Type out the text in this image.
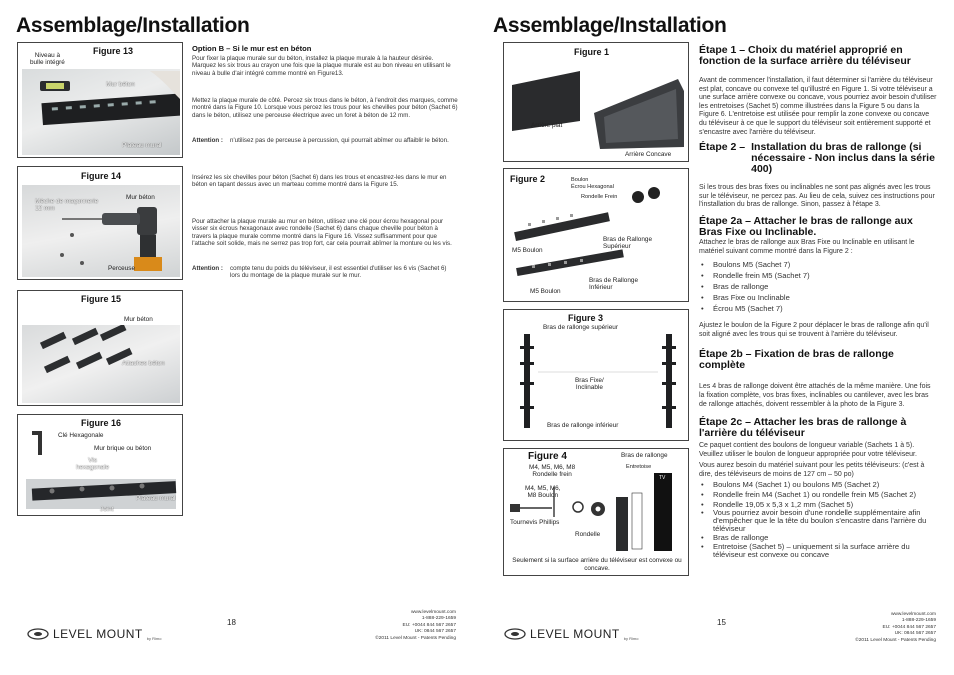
Assemblage/Installation
Figure 13
Niveau à
bulle intégré
Mur béton
Plateau mural
Figure 14
Mèche de maçonnerie
12 mm
Mur béton
Perceuse
Figure 15
Mur béton
Attaches béton
Figure 16
Clé Hexagonale
Mur brique ou béton
Vis
hexagonale
Plateau mural
Joint
Option B – Si le mur est en béton
Pour fixer la plaque murale sur du béton, installez la plaque murale à la hauteur désirée. Marquez les six trous au crayon une fois que la plaque murale est au bon niveau en utilisant le niveau à bulle d'air intégré comme montré en Figure13.
Mettez la plaque murale de côté. Percez six trous dans le béton, à l'endroit des marques, comme montré dans la Figure 10. Lorsque vous percez les trous pour les chevilles pour béton (Sachet 6) dans le béton, utilisez une perceuse électrique avec un foret à béton de 12 mm.
Attention : n'utilisez pas de perceuse à percussion, qui pourrait abîmer ou affaiblir le béton.
Insérez les six chevilles pour béton (Sachet 6) dans les trous et encastrez-les dans le mur en béton en tapant dessus avec un marteau comme montré dans la Figure 15.
Pour attacher la plaque murale au mur en béton, utilisez une clé pour écrou hexagonal pour visser six écrous hexagonaux avec rondelle (Sachet 6) dans chaque cheville pour béton à travers la plaque murale comme montré dans la Figure 16. Vissez suffisamment pour que l'attache soit solide, mais ne serrez pas trop fort, car cela pourrait abîmer la monture ou les vis.
Attention : compte tenu du poids du téléviseur, il est essentiel d'utiliser les 6 vis (Sachet 6) lors du montage de la plaque murale sur le mur.
18
LEVEL MOUNT by Rimo
www.levelmount.com
1-888-229-1659
EU: +0044 844 567 2657
UK: 0844 567 2657
©2011 Level Mount - Patents Pending
Assemblage/Installation
Figure 1
Arrière plat
Arrière Concave
Figure 2	Boulon
Écrou Hexagonal
Rondelle Frein
M5 Boulon
Bras de Rallonge
Supérieur
M5 Boulon
Bras de Rallonge
Inférieur
Figure 3
Bras de rallonge supérieur
Bras Fixe/
Inclinable
Bras de rallonge inférieur
Figure 4	Bras de rallonge
M4, M5, M6, M8
Rondelle frein
Entretoise
M4, M5, M6,
M8 Boulon
TV
Tournevis Phillips
Rondelle
Seulement si la surface arrière du téléviseur est convexe ou concave.
Étape 1 – Choix du matériel approprié en fonction de la surface arrière du téléviseur
Avant de commencer l'installation, il faut déterminer si l'arrière du téléviseur est plat, concave ou convexe tel qu'illustré en Figure 1. Si votre téléviseur a une surface arrière convexe ou concave, vous pourriez avoir besoin d'utiliser les entretoises (Sachet 5) comme illustrées dans la Figure 5 ou dans la Figure 6. L'entretoise est utilisée pour remplir la zone convexe ou concave du téléviseur à ce que le support du téléviseur soit entièrement supporté et s'encastre avec l'arrière du téléviseur.
Étape 2 – Installation du bras de rallonge (si nécessaire - Non inclus dans la série 400)
Si les trous des bras fixes ou inclinables ne sont pas alignés avec les trous sur le téléviseur, ne percez pas. Au lieu de cela, suivez ces instructions pour l'installation du bras de rallonge. Sinon, passez à l'étape 3.
Étape 2a – Attacher le bras de rallonge aux Bras Fixe ou Inclinable.
Attachez le bras de rallonge aux Bras Fixe ou Inclinable en utilisant le matériel suivant comme montré dans la Figure 2 :
• Boulons M5 (Sachet 7)
• Rondelle frein M5 (Sachet 7)
• Bras de rallonge
• Bras Fixe ou Inclinable
• Écrou M5 (Sachet 7)
Ajustez le boulon de la Figure 2 pour déplacer le bras de rallonge afin qu'il soit aligné avec les trous qui se trouvent à l'arrière du téléviseur.
Étape 2b – Fixation de bras de rallonge complète
Les 4 bras de rallonge doivent être attachés de la même manière. Une fois la fixation complète, vos bras fixes, inclinables ou cantilever, avec les bras de rallonge attachés, doivent ressembler à la photo de la Figure 3.
Étape 2c – Attacher les bras de rallonge à l'arrière du téléviseur
Ce paquet contient des boulons de longueur variable (Sachets 1 à 5). Veuillez utiliser le boulon de longueur appropriée pour votre téléviseur.
Vous aurez besoin du matériel suivant pour les petits téléviseurs: (c'est à dire, des téléviseurs de moins de 127 cm – 50 po)
• Boulons M4 (Sachet 1) ou boulons M5 (Sachet 2)
• Rondelle frein M4 (Sachet 1) ou rondelle frein M5 (Sachet 2)
• Rondelle 19,05 x 5,3 x 1,2 mm (Sachet 5)
• Vous pourriez avoir besoin d'une rondelle supplémentaire afin d'empêcher que le la tête du boulon s'encastre dans l'arrière du téléviseur
• Bras de rallonge
• Entretoise (Sachet 5) – uniquement si la surface arrière du téléviseur est convexe ou concave
15
LEVEL MOUNT by Rimo
www.levelmount.com
1-888-229-1659
EU: +0044 844 567 2657
UK: 0844 567 2657
©2011 Level Mount - Patents Pending
